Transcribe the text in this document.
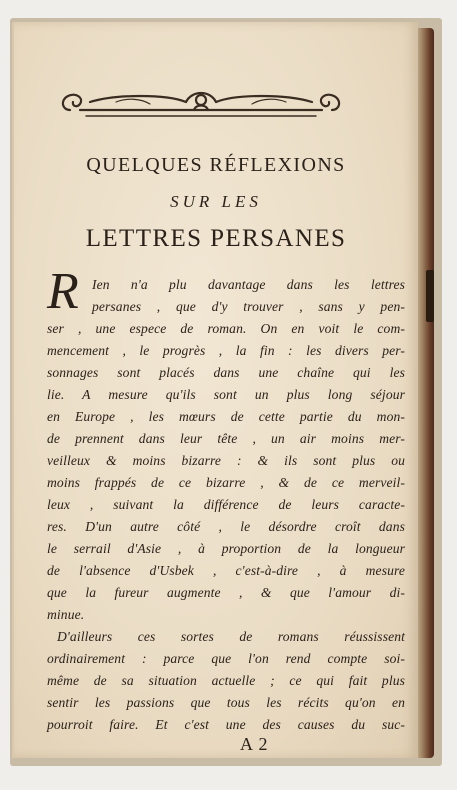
QUELQUES RÉFLEXIONS
SUR LES
LETTRES PERSANES
R Ien n'a plu davantage dans les lettres
persanes , que d'y trouver , sans y pen-
ser , une espece de roman. On en voit le com-
mencement , le progrès , la fin : les divers per-
sonnages sont placés dans une chaîne qui les
lie. A mesure qu'ils sont un plus long séjour
en Europe , les mœurs de cette partie du mon-
de prennent dans leur tête , un air moins mer-
veilleux & moins bizarre : & ils sont plus ou
moins frappés de ce bizarre , & de ce merveil-
leux , suivant la différence de leurs caracte-
res. D'un autre côté , le désordre croît dans
le serrail d'Asie , à proportion de la longueur
de l'absence d'Usbek , c'est-à-dire , à mesure
que la fureur augmente , & que l'amour di-
minue.
D'ailleurs ces sortes de romans réussissent
ordinairement : parce que l'on rend compte soi-
même de sa situation actuelle ; ce qui fait plus
sentir les passions que tous les récits qu'on en
pourroit faire. Et c'est une des causes du suc-
A 2
